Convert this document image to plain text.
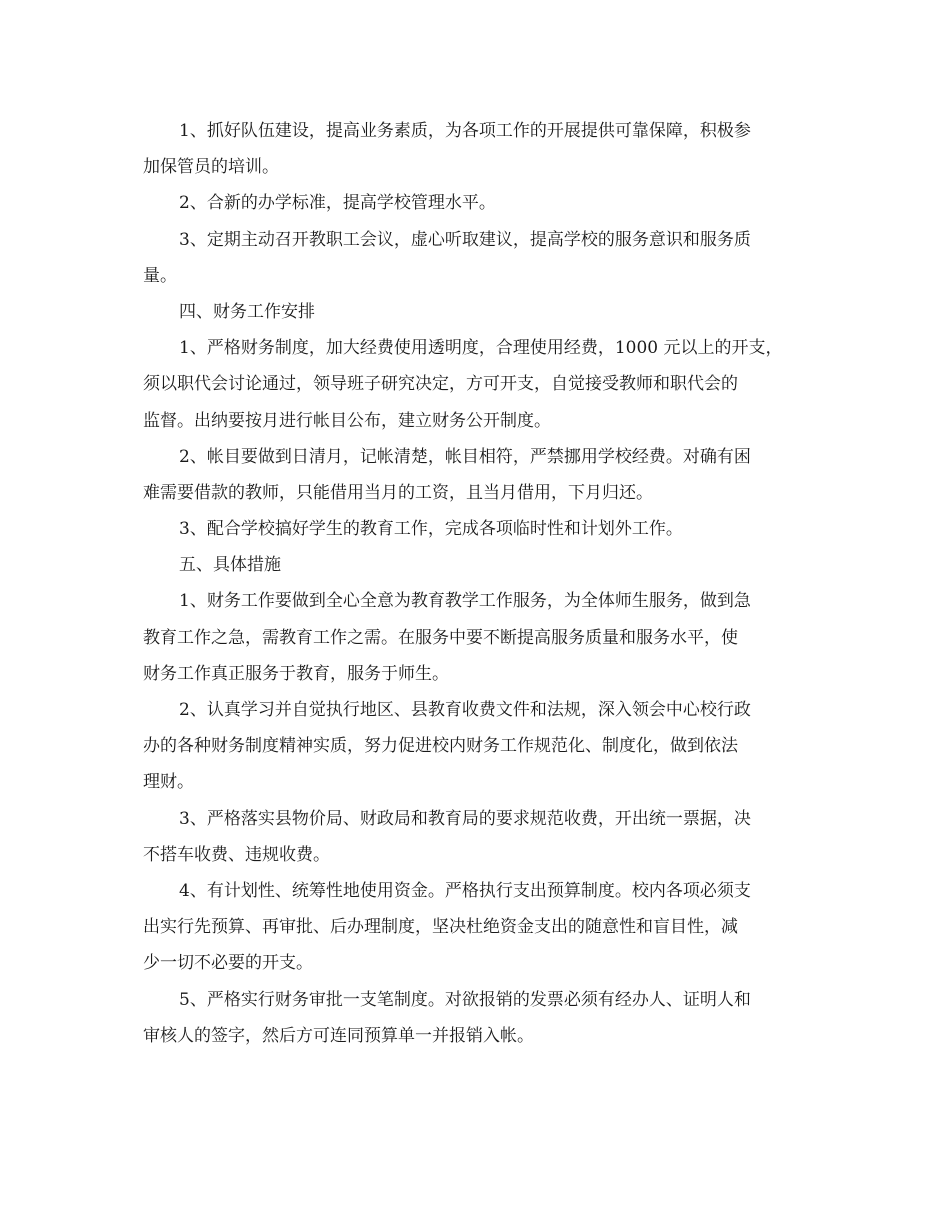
1、抓好队伍建设，提高业务素质，为各项工作的开展提供可靠保障，积极参
加保管员的培训。
2、合新的办学标准，提高学校管理水平。
3、定期主动召开教职工会议，虚心听取建议，提高学校的服务意识和服务质
量。
四、财务工作安排
1、严格财务制度，加大经费使用透明度，合理使用经费，1000 元以上的开支，
须以职代会讨论通过，领导班子研究决定，方可开支，自觉接受教师和职代会的
监督。出纳要按月进行帐目公布，建立财务公开制度。
2、帐目要做到日清月，记帐清楚，帐目相符，严禁挪用学校经费。对确有困
难需要借款的教师，只能借用当月的工资，且当月借用，下月归还。
3、配合学校搞好学生的教育工作，完成各项临时性和计划外工作。
五、具体措施
1、财务工作要做到全心全意为教育教学工作服务，为全体师生服务，做到急
教育工作之急，需教育工作之需。在服务中要不断提高服务质量和服务水平，使
财务工作真正服务于教育，服务于师生。
2、认真学习并自觉执行地区、县教育收费文件和法规，深入领会中心校行政
办的各种财务制度精神实质，努力促进校内财务工作规范化、制度化，做到依法
理财。
3、严格落实县物价局、财政局和教育局的要求规范收费，开出统一票据，决
不搭车收费、违规收费。
4、有计划性、统筹性地使用资金。严格执行支出预算制度。校内各项必须支
出实行先预算、再审批、后办理制度，坚决杜绝资金支出的随意性和盲目性，减
少一切不必要的开支。
5、严格实行财务审批一支笔制度。对欲报销的发票必须有经办人、证明人和
审核人的签字，然后方可连同预算单一并报销入帐。
